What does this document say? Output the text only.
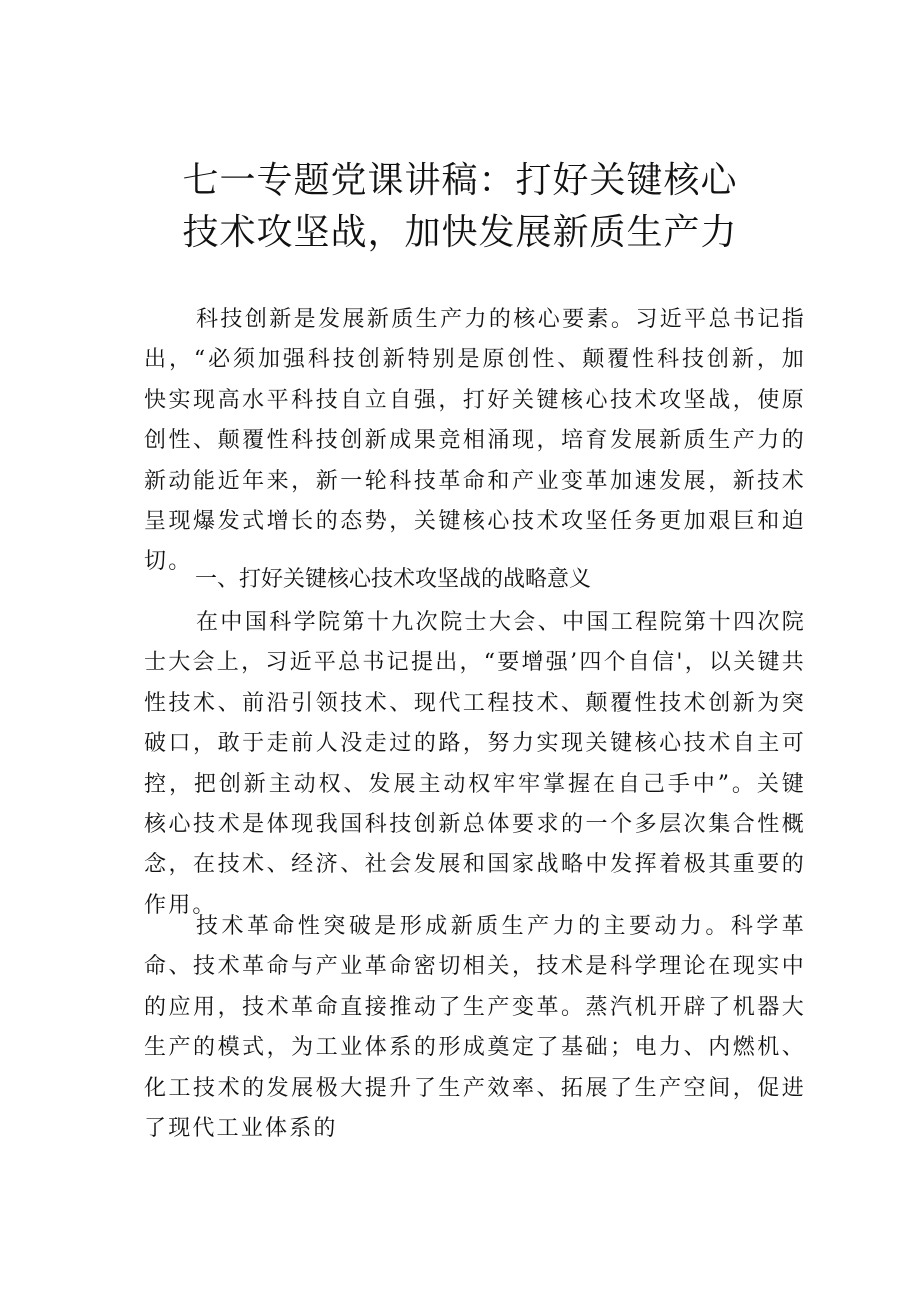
七一专题党课讲稿：打好关键核心
技术攻坚战，加快发展新质生产力

科技创新是发展新质生产力的核心要素。习近平总书记指出，“必须加强科技创新特别是原创性、颠覆性科技创新，加快实现高水平科技自立自强，打好关键核心技术攻坚战，使原创性、颠覆性科技创新成果竞相涌现，培育发展新质生产力的新动能近年来，新一轮科技革命和产业变革加速发展，新技术呈现爆发式增长的态势，关键核心技术攻坚任务更加艰巨和迫切。

一、打好关键核心技术攻坚战的战略意义

在中国科学院第十九次院士大会、中国工程院第十四次院士大会上，习近平总书记提出，“要增强’四个自信'，以关键共性技术、前沿引领技术、现代工程技术、颠覆性技术创新为突破口，敢于走前人没走过的路，努力实现关键核心技术自主可控，把创新主动权、发展主动权牢牢掌握在自己手中”。关键核心技术是体现我国科技创新总体要求的一个多层次集合性概念，在技术、经济、社会发展和国家战略中发挥着极其重要的作用。

技术革命性突破是形成新质生产力的主要动力。科学革命、技术革命与产业革命密切相关，技术是科学理论在现实中的应用，技术革命直接推动了生产变革。蒸汽机开辟了机器大生产的模式，为工业体系的形成奠定了基础；电力、内燃机、化工技术的发展极大提升了生产效率、拓展了生产空间，促进了现代工业体系的
